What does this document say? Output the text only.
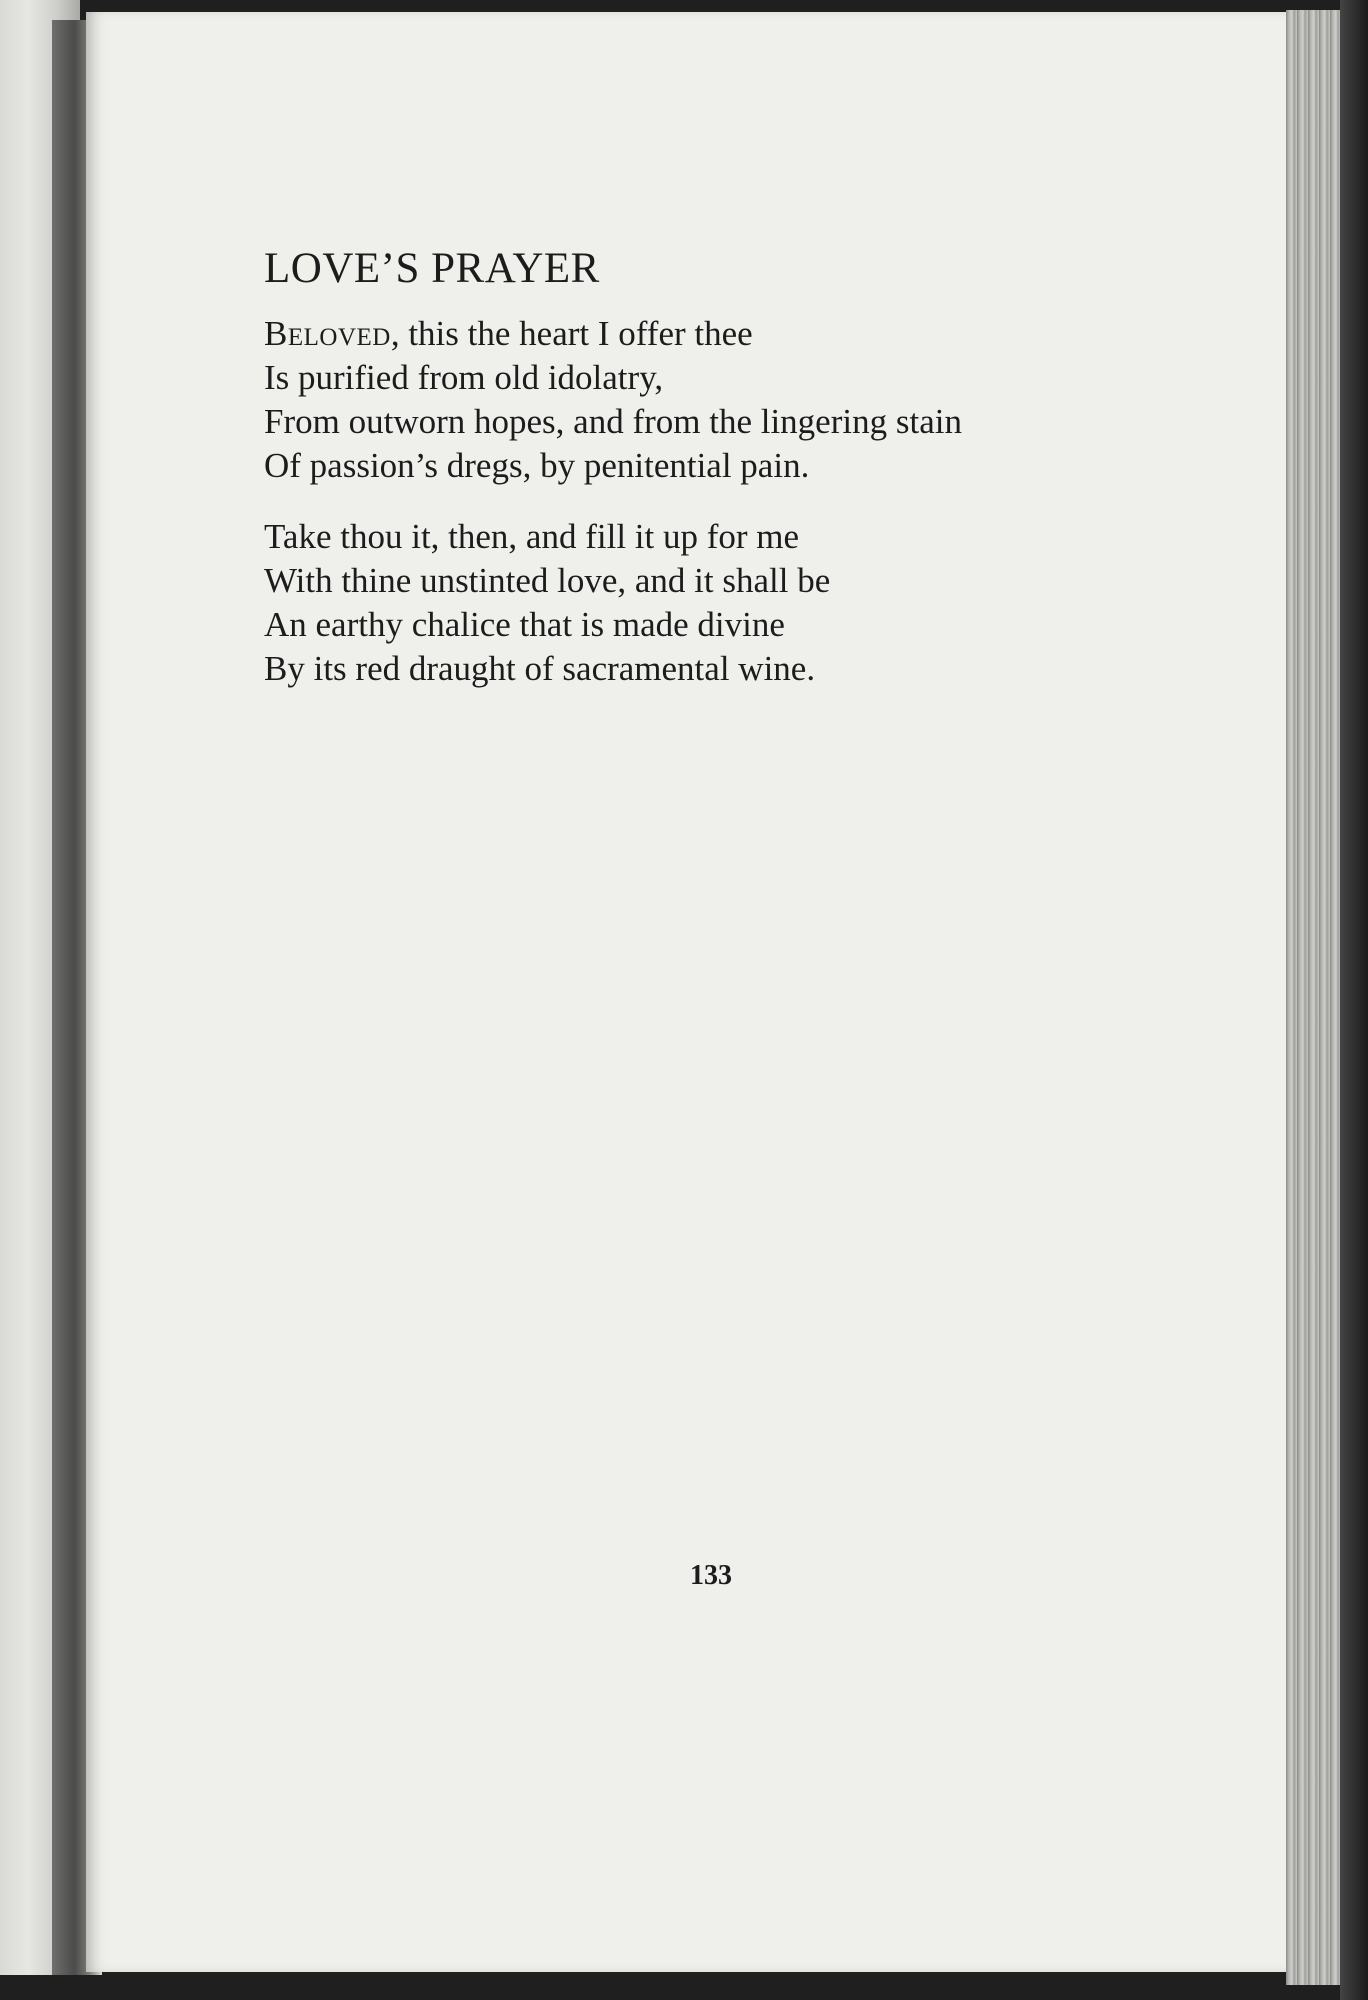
LOVE’S PRAYER

Beloved, this the heart I offer thee
Is purified from old idolatry,
From outworn hopes, and from the lingering stain
Of passion’s dregs, by penitential pain.

Take thou it, then, and fill it up for me
With thine unstinted love, and it shall be
An earthy chalice that is made divine
By its red draught of sacramental wine.

133
